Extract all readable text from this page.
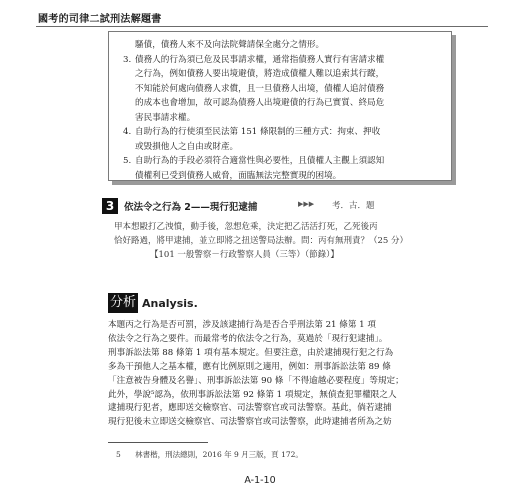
國考的司律二試刑法解題書
騷債，債務人來不及向法院聲請保全處分之情形。
3. 債務人的行為須已危及民事請求權，通常指債務人實行有害請求權
之行為，例如債務人要出境避債，將造成債權人難以追索其行蹤，
不知能於何處向債務人求償，且一旦債務人出境，債權人追討債務
的成本也會增加，故可認為債務人出境避債的行為已實質、終局危
害民事請求權。
4. 自助行為的行使須至民法第 151 條限制的三種方式：拘束、押收
或毀損他人之自由或財產。
5. 自助行為的手段必須符合適當性與必要性，且債權人主觀上須認知
債權利已受到債務人威脅，面臨無法完整實現的困境。
3	依法令之行為 2——現行犯逮捕	▶▶▶ 考．古．題
甲本想毆打乙洩憤，動手後，忽想危乘，決定把乙活活打死，乙死後丙
恰好路過，將甲逮捕，並立即將之扭送警局法辦。問：丙有無刑責？（25 分）
【101 一般警察－行政警察人員（三等）（節錄）】
分析 Analysis.
本題丙之行為是否可罰，涉及該逮捕行為是否合乎刑法第 21 條第 1 項
依法令之行為之要件。而最常考的依法令之行為，莫過於「現行犯逮捕」。
刑事訴訟法第 88 條第 1 項有基本規定。但要注意，由於逮捕現行犯之行為
多為干預他人之基本權，應有比例原則之適用，例如：刑事訴訟法第 89 條
「注意被告身體及名譽」、刑事訴訟法第 90 條「不得逾越必要程度」等規定；
此外，學說⁵認為，依刑事訴訟法第 92 條第 1 項規定，無偵查犯罪權限之人
逮捕現行犯者，應即送交檢察官、司法警察官或司法警察。基此，倘若逮捕
現行犯後未立即送交檢察官、司法警察官或司法警察，此時逮捕者所為之妨
5 林書楷，刑法總則，2016 年 9 月三版，頁 172。
A-1-10
